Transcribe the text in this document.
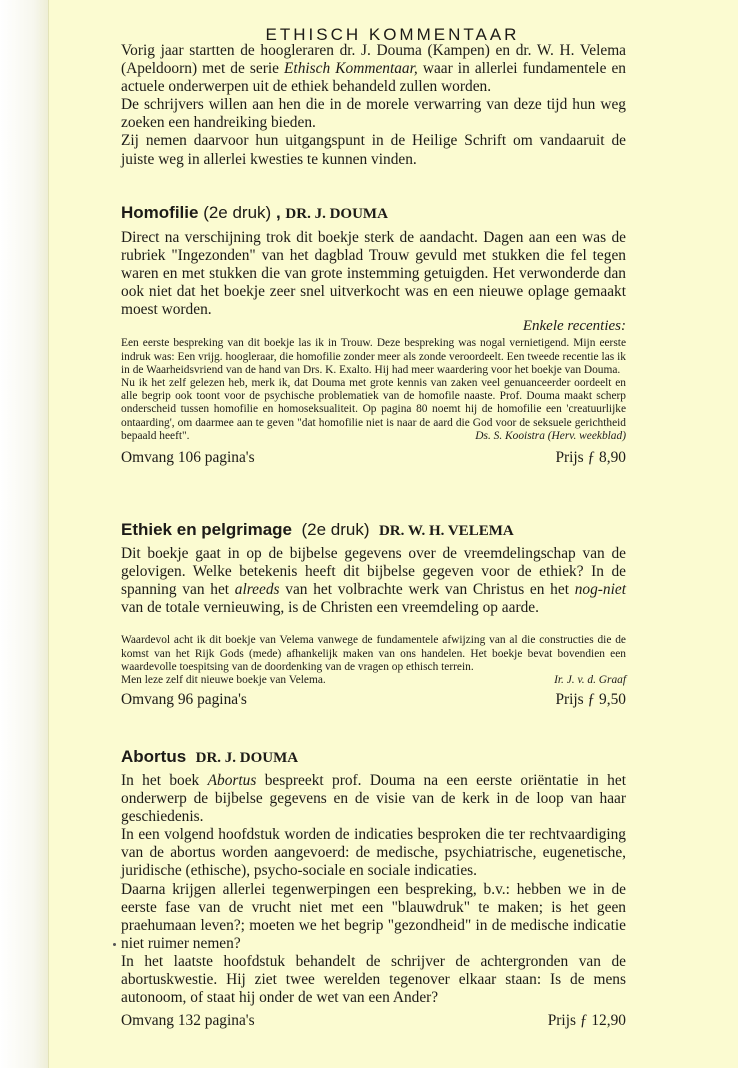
ETHISCH KOMMENTAAR

Vorig jaar startten de hoogleraren dr. J. Douma (Kampen) en dr. W. H. Velema (Apeldoorn) met de serie Ethisch Kommentaar, waar in allerlei fundamentele en actuele onderwerpen uit de ethiek behandeld zullen worden.

De schrijvers willen aan hen die in de morele verwarring van deze tijd hun weg zoeken een handreiking bieden.

Zij nemen daarvoor hun uitgangspunt in de Heilige Schrift om vandaaruit de juiste weg in allerlei kwesties te kunnen vinden.

Homofilie (2e druk) , DR. J. DOUMA

Direct na verschijning trok dit boekje sterk de aandacht. Dagen aan een was de rubriek "Ingezonden" van het dagblad Trouw gevuld met stukken die fel tegen waren en met stukken die van grote instemming getuigden. Het verwonderde dan ook niet dat het boekje zeer snel uitverkocht was en een nieuwe oplage gemaakt moest worden.

Enkele recenties:

Een eerste bespreking van dit boekje las ik in Trouw. Deze bespreking was nogal vernietigend. Mijn eerste indruk was: Een vrijg. hoogleraar, die homofilie zonder meer als zonde veroordeelt. Een tweede recentie las ik in de Waarheidsvriend van de hand van Drs. K. Exalto. Hij had meer waardering voor het boekje van Douma.

Nu ik het zelf gelezen heb, merk ik, dat Douma met grote kennis van zaken veel genuanceerder oordeelt en alle begrip ook toont voor de psychische problematiek van de homofile naaste. Prof. Douma maakt scherp onderscheid tussen homofilie en homoseksualiteit. Op pagina 80 noemt hij de homofilie een 'creatuurlijke ontaarding', om daarmee aan te geven "dat homofilie niet is naar de aard die God voor de seksuele gerichtheid bepaald heeft".	Ds. S. Kooistra (Herv. weekblad)

Omvang 106 pagina's	Prijs ƒ 8,90
Ethiek en pelgrimage (2e druk) DR. W. H. VELEMA

Dit boekje gaat in op de bijbelse gegevens over de vreemdelingschap van de gelovigen. Welke betekenis heeft dit bijbelse gegeven voor de ethiek? In de spanning van het alreeds van het volbrachte werk van Christus en het nog-niet van de totale vernieuwing, is de Christen een vreemdeling op aarde.

Waardevol acht ik dit boekje van Velema vanwege de fundamentele afwijzing van al die constructies die de komst van het Rijk Gods (mede) afhankelijk maken van ons handelen. Het boekje bevat bovendien een waardevolle toespitsing van de doordenking van de vragen op ethisch terrein.

Men leze zelf dit nieuwe boekje van Velema.	Ir. J. v. d. Graaf
Omvang 96 pagina's	Prijs ƒ 9,50
Abortus DR. J. DOUMA

In het boek Abortus bespreekt prof. Douma na een eerste oriëntatie in het onderwerp de bijbelse gegevens en de visie van de kerk in de loop van haar geschiedenis.

In een volgend hoofdstuk worden de indicaties besproken die ter rechtvaardiging van de abortus worden aangevoerd: de medische, psychiatrische, eugenetische, juridische (ethische), psycho-sociale en sociale indicaties.

Daarna krijgen allerlei tegenwerpingen een bespreking, b.v.: hebben we in de eerste fase van de vrucht niet met een "blauwdruk" te maken; is het geen praehumaan leven?; moeten we het begrip "gezondheid" in de medische indicatie niet ruimer nemen?

In het laatste hoofdstuk behandelt de schrijver de achtergronden van de abortuskwestie. Hij ziet twee werelden tegenover elkaar staan: Is de mens autonoom, of staat hij onder de wet van een Ander?

Omvang 132 pagina's	Prijs ƒ 12,90
